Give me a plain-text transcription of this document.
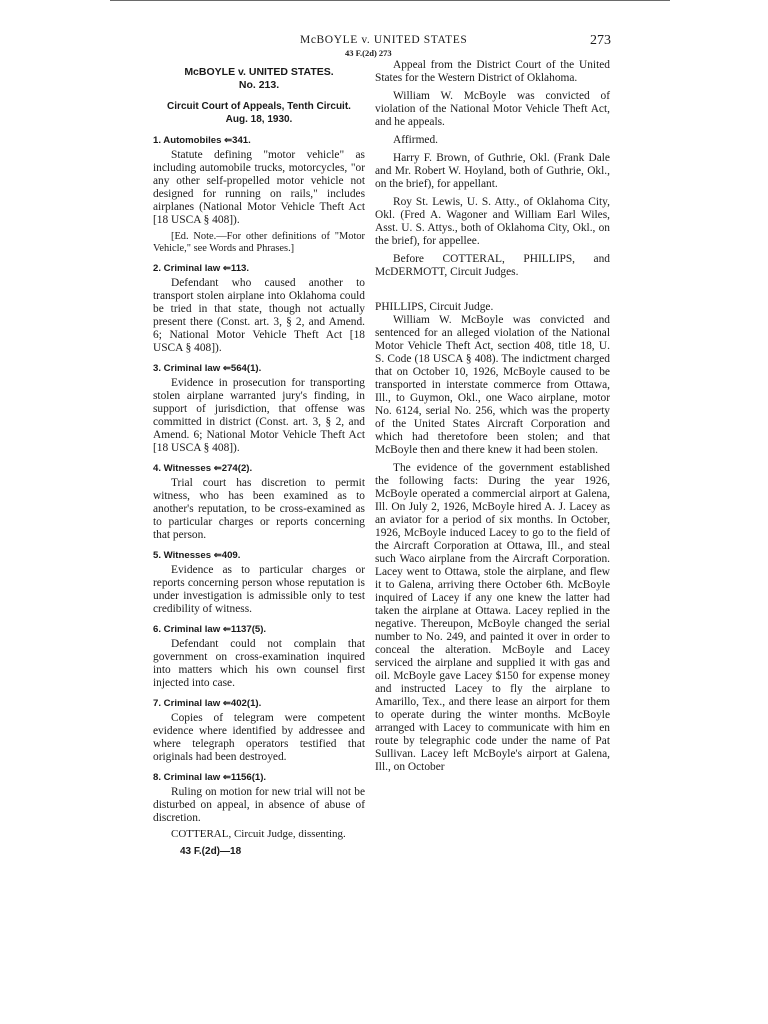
McBOYLE v. UNITED STATES	273
43 F.(2d) 273

McBOYLE v. UNITED STATES.

No. 213.

Circuit Court of Appeals, Tenth Circuit.

Aug. 18, 1930.

1. Automobiles ⇐341.

Statute defining "motor vehicle" as including automobile trucks, motorcycles, "or any other self-propelled motor vehicle not designed for running on rails," includes airplanes (National Motor Vehicle Theft Act [18 USCA § 408]).

[Ed. Note.—For other definitions of "Motor Vehicle," see Words and Phrases.]

2. Criminal law ⇐113.

Defendant who caused another to transport stolen airplane into Oklahoma could be tried in that state, though not actually present there (Const. art. 3, § 2, and Amend. 6; National Motor Vehicle Theft Act [18 USCA § 408]).

3. Criminal law ⇐564(1).

Evidence in prosecution for transporting stolen airplane warranted jury's finding, in support of jurisdiction, that offense was committed in district (Const. art. 3, § 2, and Amend. 6; National Motor Vehicle Theft Act [18 USCA § 408]).

4. Witnesses ⇐274(2).

Trial court has discretion to permit witness, who has been examined as to another's reputation, to be cross-examined as to particular charges or reports concerning that person.

5. Witnesses ⇐409.

Evidence as to particular charges or reports concerning person whose reputation is under investigation is admissible only to test credibility of witness.

6. Criminal law ⇐1137(5).

Defendant could not complain that government on cross-examination inquired into matters which his own counsel first injected into case.

7. Criminal law ⇐402(1).

Copies of telegram were competent evidence where identified by addressee and where telegraph operators testified that originals had been destroyed.

8. Criminal law ⇐1156(1).

Ruling on motion for new trial will not be disturbed on appeal, in absence of abuse of discretion.

COTTERAL, Circuit Judge, dissenting.

43 F.(2d)—18

Appeal from the District Court of the United States for the Western District of Oklahoma.

William W. McBoyle was convicted of violation of the National Motor Vehicle Theft Act, and he appeals.

Affirmed.

Harry F. Brown, of Guthrie, Okl. (Frank Dale and Mr. Robert W. Hoyland, both of Guthrie, Okl., on the brief), for appellant.

Roy St. Lewis, U. S. Atty., of Oklahoma City, Okl. (Fred A. Wagoner and William Earl Wiles, Asst. U. S. Attys., both of Oklahoma City, Okl., on the brief), for appellee.

Before COTTERAL, PHILLIPS, and McDERMOTT, Circuit Judges.

PHILLIPS, Circuit Judge.

William W. McBoyle was convicted and sentenced for an alleged violation of the National Motor Vehicle Theft Act, section 408, title 18, U. S. Code (18 USCA § 408). The indictment charged that on October 10, 1926, McBoyle caused to be transported in interstate commerce from Ottawa, Ill., to Guymon, Okl., one Waco airplane, motor No. 6124, serial No. 256, which was the property of the United States Aircraft Corporation and which had theretofore been stolen; and that McBoyle then and there knew it had been stolen.

The evidence of the government established the following facts: During the year 1926, McBoyle operated a commercial airport at Galena, Ill. On July 2, 1926, McBoyle hired A. J. Lacey as an aviator for a period of six months. In October, 1926, McBoyle induced Lacey to go to the field of the Aircraft Corporation at Ottawa, Ill., and steal such Waco airplane from the Aircraft Corporation. Lacey went to Ottawa, stole the airplane, and flew it to Galena, arriving there October 6th. McBoyle inquired of Lacey if any one knew the latter had taken the airplane at Ottawa. Lacey replied in the negative. Thereupon, McBoyle changed the serial number to No. 249, and painted it over in order to conceal the alteration. McBoyle and Lacey serviced the airplane and supplied it with gas and oil. McBoyle gave Lacey $150 for expense money and instructed Lacey to fly the airplane to Amarillo, Tex., and there lease an airport for them to operate during the winter months. McBoyle arranged with Lacey to communicate with him en route by telegraphic code under the name of Pat Sullivan. Lacey left McBoyle's airport at Galena, Ill., on October
